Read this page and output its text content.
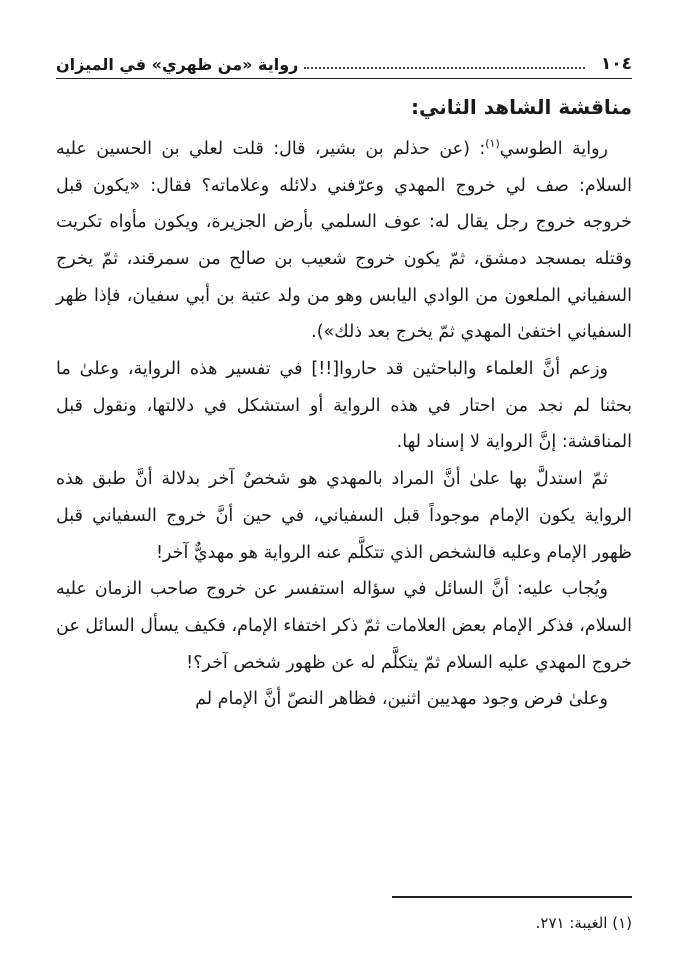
١٠٤
رواية «من ظهري» في الميزان
مناقشة الشاهد الثاني:

رواية الطوسي$^{(١)}$: (عن حذلم بن بشير، قال: قلت لعلي بن الحسين عليه السلام: صف لي خروج المهدي وعرّفني دلائله وعلاماته؟ فقال: «يكون قبل خروجه خروج رجل يقال له: عوف السلمي بأرض الجزيرة، ويكون مأواه تكريت وقتله بمسجد دمشق، ثمّ يكون خروج شعيب بن صالح من سمرقند، ثمّ يخرج السفياني الملعون من الوادي اليابس وهو من ولد عتبة بن أبي سفيان، فإذا ظهر السفياني اختفىٰ المهدي ثمّ يخرج بعد ذلك»).

وزعم أنَّ العلماء والباحثين قد حاروا[!!] في تفسير هذه الرواية، وعلىٰ ما بحثنا لم نجد من احتار في هذه الرواية أو استشكل في دلالتها، ونقول قبل المناقشة: إنَّ الرواية لا إسناد لها.

ثمّ استدلَّ بها علىٰ أنَّ المراد بالمهدي هو شخصٌ آخر بدلالة أنَّ طبق هذه الرواية يكون الإمام موجوداً قبل السفياني، في حين أنَّ خروج السفياني قبل ظهور الإمام وعليه فالشخص الذي تتكلَّم عنه الرواية هو مهديٌّ آخر!

ويُجاب عليه: أنَّ السائل في سؤاله استفسر عن خروج صاحب الزمان عليه السلام، فذكر الإمام بعض العلامات ثمّ ذكر اختفاء الإمام، فكيف يسأل السائل عن خروج المهدي عليه السلام ثمّ يتكلَّم له عن ظهور شخص آخر؟!

وعلىٰ فرض وجود مهديين اثنين، فظاهر النصّ أنَّ الإمام لم

(١) الغيبة: ٢٧١.
